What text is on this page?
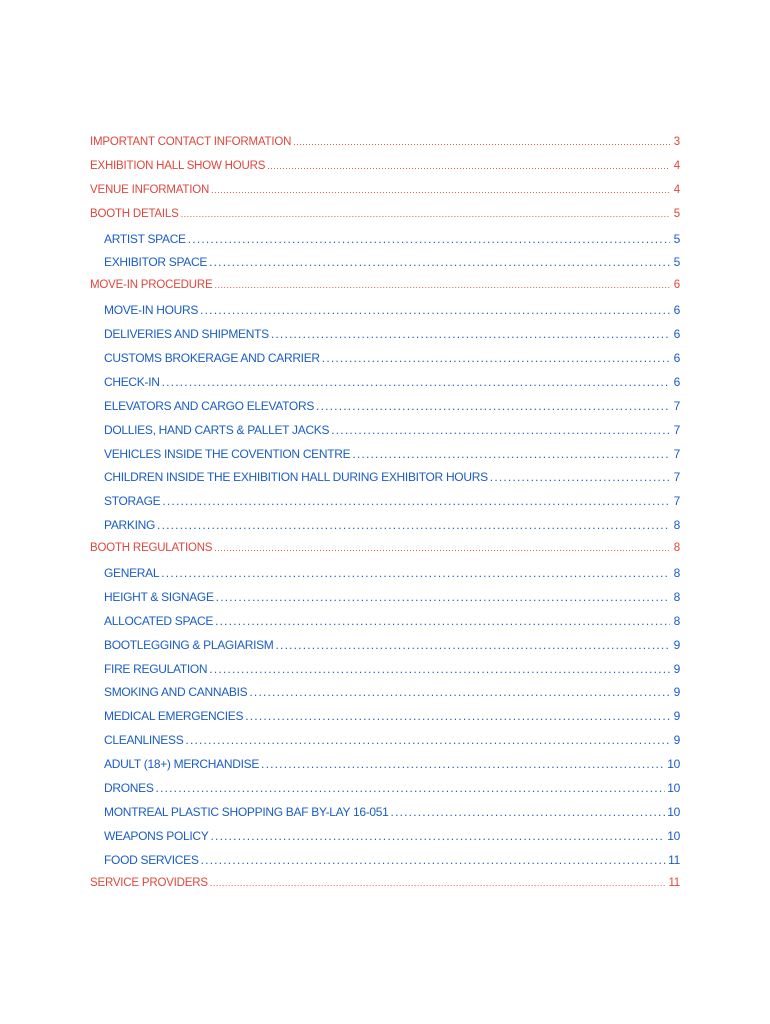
IMPORTANT CONTACT INFORMATION .....	3
EXHIBITION HALL SHOW HOURS .....	4
VENUE INFORMATION .....	4
BOOTH DETAILS .....	5
ARTIST SPACE .....	5
EXHIBITOR SPACE .....	5
MOVE-IN PROCEDURE .....	6
MOVE-IN HOURS .....	6
DELIVERIES AND SHIPMENTS .....	6
CUSTOMS BROKERAGE AND CARRIER .....	6
CHECK-IN .....	6
ELEVATORS AND CARGO ELEVATORS .....	7
DOLLIES, HAND CARTS & PALLET JACKS .....	7
VEHICLES INSIDE THE COVENTION CENTRE .....	7
CHILDREN INSIDE THE EXHIBITION HALL DURING EXHIBITOR HOURS .....	7
STORAGE .....	7
PARKING .....	8
BOOTH REGULATIONS .....	8
GENERAL .....	8
HEIGHT & SIGNAGE .....	8
ALLOCATED SPACE .....	8
BOOTLEGGING & PLAGIARISM .....	9
FIRE REGULATION .....	9
SMOKING AND CANNABIS .....	9
MEDICAL EMERGENCIES .....	9
CLEANLINESS .....	9
ADULT (18+) MERCHANDISE .....	10
DRONES .....	10
MONTREAL PLASTIC SHOPPING BAF BY-LAY 16-051 .....	10
WEAPONS POLICY .....	10
FOOD SERVICES .....	11
SERVICE PROVIDERS .....	11
